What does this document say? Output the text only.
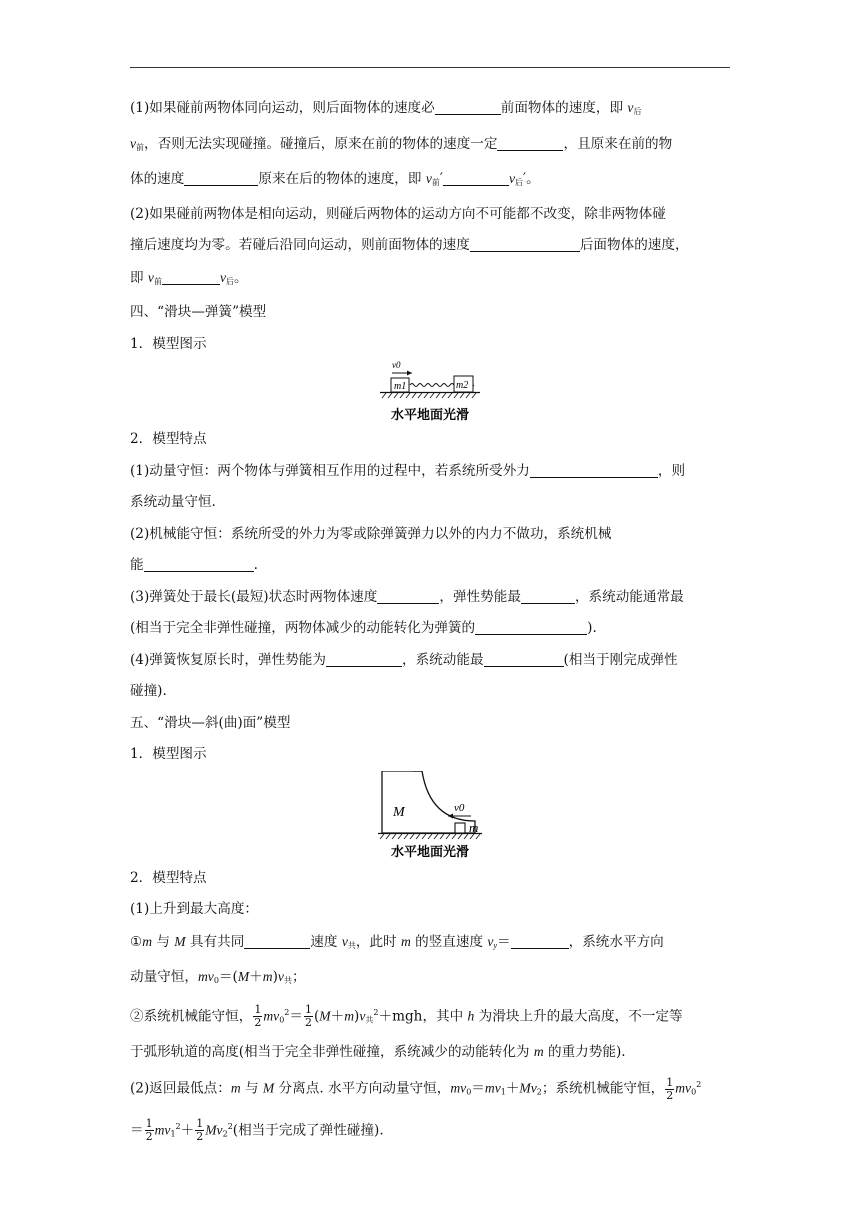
(1)如果碰前两物体同向运动，则后面物体的速度必	前面物体的速度，即 $v_后$
$v_前$，否则无法实现碰撞。碰撞后，原来在前的物体的速度一定	，且原来在前的物
体的速度	原来在后的物体的速度，即 $v_前'$	$v_后'$。
(2)如果碰前两物体是相向运动，则碰后两物体的运动方向不可能都不改变，除非两物体碰
撞后速度均为零。若碰后沿同向运动，则前面物体的速度	后面物体的速度，
即 $v_前$	$v_后$。
四、“滑块—弹簧”模型
1．模型图示
m1	m2
v0
水平地面光滑
2．模型特点
(1)动量守恒：两个物体与弹簧相互作用的过程中，若系统所受外力	，则
系统动量守恒.
(2)机械能守恒：系统所受的外力为零或除弹簧弹力以外的内力不做功，系统机械
能	.
(3)弹簧处于最长(最短)状态时两物体速度	，弹性势能最	，系统动能通常最
(相当于完全非弹性碰撞，两物体减少的动能转化为弹簧的	).
(4)弹簧恢复原长时，弹性势能为	，系统动能最	(相当于刚完成弹性
碰撞).
五、“滑块—斜(曲)面”模型
1．模型图示
M
m
v0
水平地面光滑
2．模型特点
(1)上升到最大高度：
①m 与 M 具有共同	速度 $v_共$，此时 m 的竖直速度 $v_y=$	，系统水平方向
动量守恒，$mv_0=(M+m)v_共$；
②系统机械能守恒， $\frac{1}{2} mv_0^2= \frac{1}{2} (M+m)v_共^2+mgh$，其中 h 为滑块上升的最大高度，不一定等
于弧形轨道的高度(相当于完全非弹性碰撞，系统减少的动能转化为 m 的重力势能).
(2)返回最低点：m 与 M 分离点. 水平方向动量守恒，$mv_0=mv_1+Mv_2$；系统机械能守恒， $\frac{1}{2} mv_0^2$
＝ $\frac{1}{2} mv_1^2+ \frac{1}{2} Mv_2^2$(相当于完成了弹性碰撞).
